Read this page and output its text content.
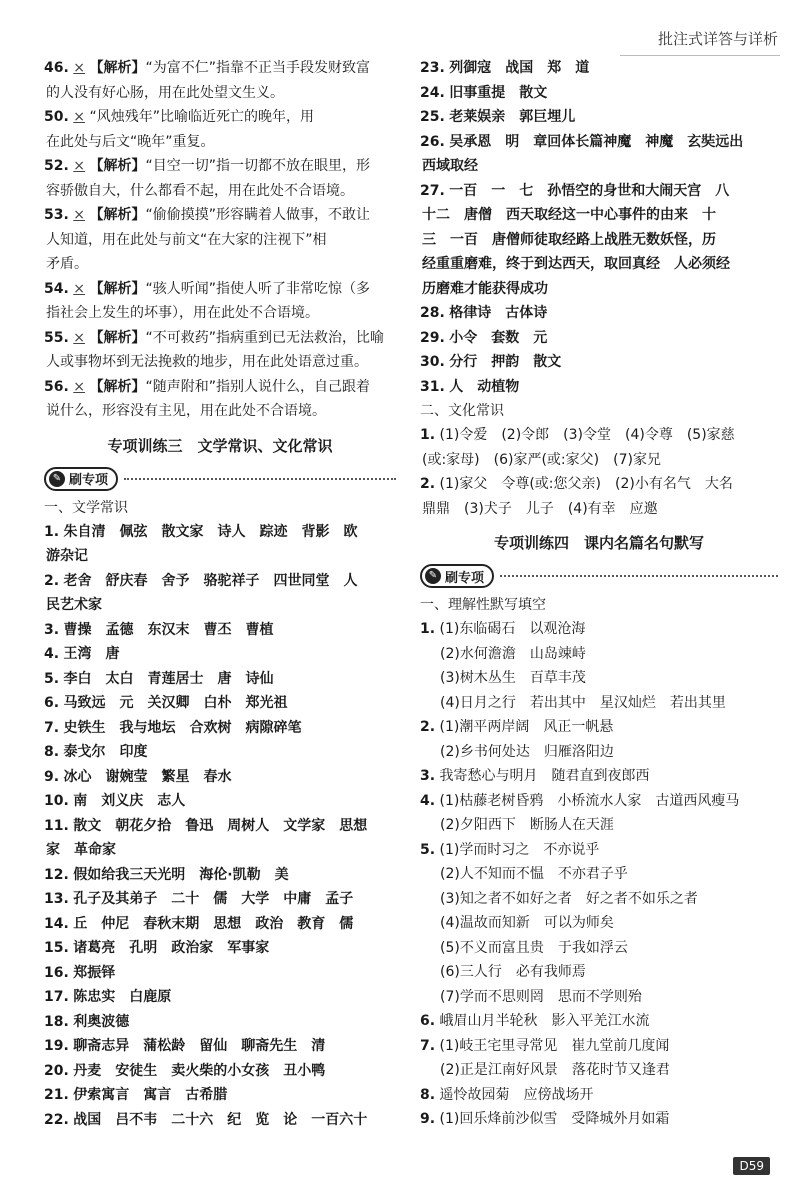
批注式详答与详析
46. × 【解析】“为富不仁”指靠不正当手段发财致富
的人没有好心肠，用在此处望文生义。
50. × “风烛残年”比喻临近死亡的晚年，用
在此处与后文“晚年”重复。
52. × 【解析】“目空一切”指一切都不放在眼里，形
容骄傲自大，什么都看不起，用在此处不合语境。
53. × 【解析】“偷偷摸摸”形容瞒着人做事，不敢让
人知道，用在此处与前文“在大家的注视下”相
矛盾。
54. × 【解析】“骇人听闻”指使人听了非常吃惊（多
指社会上发生的坏事），用在此处不合语境。
55. × 【解析】“不可救药”指病重到已无法救治，比喻
人或事物坏到无法挽救的地步，用在此处语意过重。
56. × 【解析】“随声附和”指别人说什么，自己跟着
说什么，形容没有主见，用在此处不合语境。
专项训练三　文学常识、文化常识
✎ 刷专项
一、文学常识
1. 朱自清　佩弦　散文家　诗人　踪迹　背影　欧
游杂记
2. 老舍　舒庆春　舍予　骆驼祥子　四世同堂　人
民艺术家
3. 曹操　孟德　东汉末　曹丕　曹植
4. 王湾　唐
5. 李白　太白　青莲居士　唐　诗仙
6. 马致远　元　关汉卿　白朴　郑光祖
7. 史铁生　我与地坛　合欢树　病隙碎笔
8. 泰戈尔　印度
9. 冰心　谢婉莹　繁星　春水
10. 南　刘义庆　志人
11. 散文　朝花夕拾　鲁迅　周树人　文学家　思想
家　革命家
12. 假如给我三天光明　海伦·凯勒　美
13. 孔子及其弟子　二十　儒　大学　中庸　孟子
14. 丘　仲尼　春秋末期　思想　政治　教育　儒
15. 诸葛亮　孔明　政治家　军事家
16. 郑振铎
17. 陈忠实　白鹿原
18. 利奥波德
19. 聊斋志异　蒲松龄　留仙　聊斋先生　清
20. 丹麦　安徒生　卖火柴的小女孩　丑小鸭
21. 伊索寓言　寓言　古希腊
22. 战国　吕不韦　二十六　纪　览　论　一百六十
23. 列御寇　战国　郑　道
24. 旧事重提　散文
25. 老莱娱亲　郭巨埋儿
26. 吴承恩　明　章回体长篇神魔　神魔　玄奘远出
西域取经
27. 一百　一　七　孙悟空的身世和大闹天宫　八
十二　唐僧　西天取经这一中心事件的由来　十
三　一百　唐僧师徒取经路上战胜无数妖怪，历
经重重磨难，终于到达西天，取回真经　人必须经
历磨难才能获得成功
28. 格律诗　古体诗
29. 小令　套数　元
30. 分行　押韵　散文
31. 人　动植物
二、文化常识
1. (1)令爱　(2)令郎　(3)令堂　(4)令尊　(5)家慈
(或:家母)　(6)家严(或:家父)　(7)家兄
2. (1)家父　令尊(或:您父亲)　(2)小有名气　大名
鼎鼎　(3)犬子　儿子　(4)有幸　应邀
专项训练四　课内名篇名句默写
✎ 刷专项
一、理解性默写填空
1. (1)东临碣石　以观沧海
(2)水何澹澹　山岛竦峙
(3)树木丛生　百草丰茂
(4)日月之行　若出其中　星汉灿烂　若出其里
2. (1)潮平两岸阔　风正一帆悬
(2)乡书何处达　归雁洛阳边
3. 我寄愁心与明月　随君直到夜郎西
4. (1)枯藤老树昏鸦　小桥流水人家　古道西风瘦马
(2)夕阳西下　断肠人在天涯
5. (1)学而时习之　不亦说乎
(2)人不知而不愠　不亦君子乎
(3)知之者不如好之者　好之者不如乐之者
(4)温故而知新　可以为师矣
(5)不义而富且贵　于我如浮云
(6)三人行　必有我师焉
(7)学而不思则罔　思而不学则殆
6. 峨眉山月半轮秋　影入平羌江水流
7. (1)岐王宅里寻常见　崔九堂前几度闻
(2)正是江南好风景　落花时节又逢君
8. 遥怜故园菊　应傍战场开
9. (1)回乐烽前沙似雪　受降城外月如霜
D59
